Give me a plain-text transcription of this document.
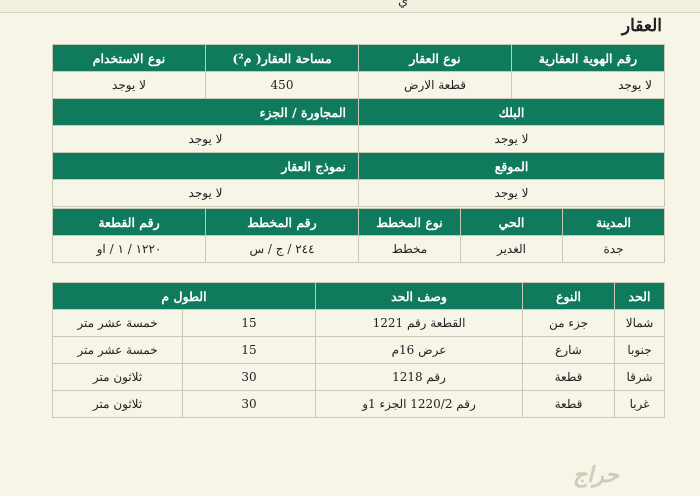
ي
العقار
رقم الهوية العقارية	نوع العقار	مساحة العقار( م²)	نوع الاستخدام
لا يوجد	قطعة الارض	450	لا يوجد
البلك		المجاورة / الجزء	
لا يوجد		لا يوجد	
الموقع		نموذج العقار	
لا يوجد		لا يوجد	
المدينة	الحي	نوع المخطط	رقم المخطط	رقم القطعة
جدة	الغدير	مخطط	٢٤٤ / ج / س	١٢٢٠ / ١ / او
الحد	النوع	وصف الحد	الطول م	
شمالا	جزء من	القطعة رقم 1221	15	خمسة عشر متر
جنوبا	شارع	عرض 16م	15	خمسة عشر متر
شرقا	قطعة	رقم 1218	30	ثلاثون متر
غربا	قطعة	رقم 1220/2 الجزء 1و	30	ثلاثون متر
حراج
